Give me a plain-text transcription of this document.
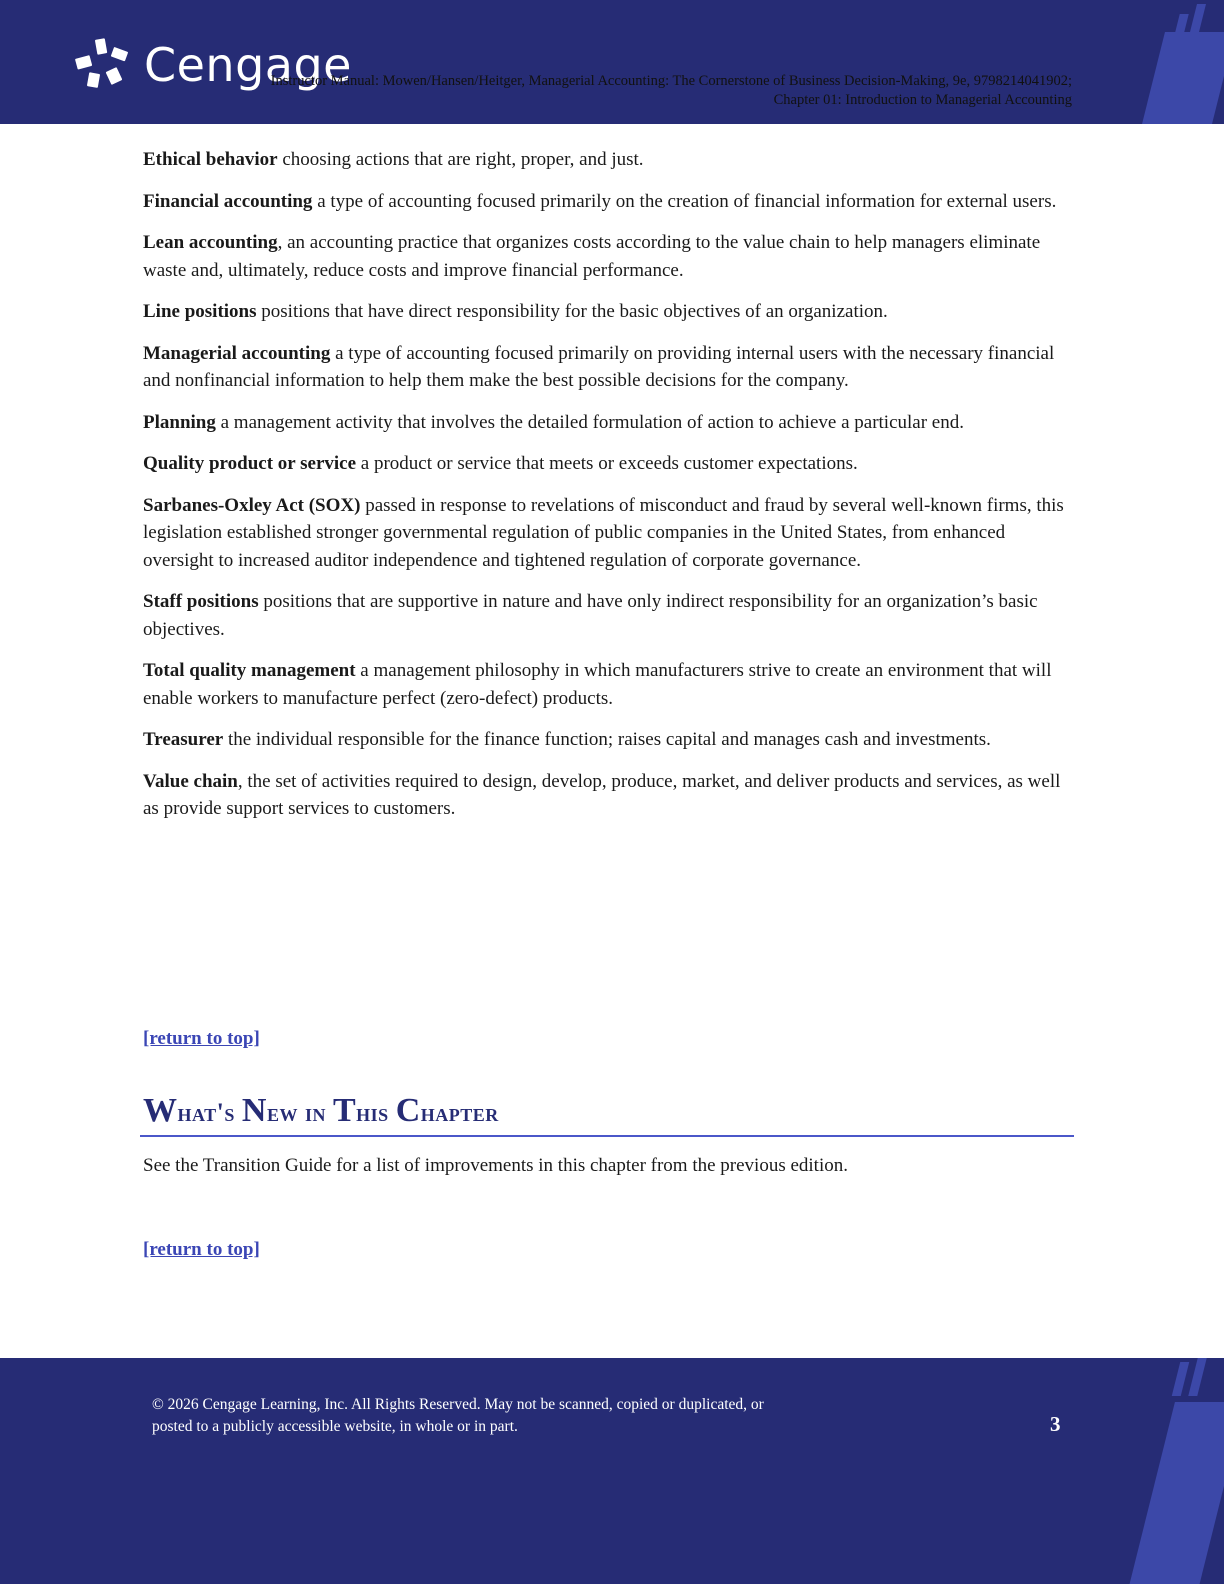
Cengage
Instructor Manual: Mowen/Hansen/Heitger, Managerial Accounting: The Cornerstone of Business Decision-Making, 9e, 9798214041902;
Chapter 01: Introduction to Managerial Accounting

Ethical behavior choosing actions that are right, proper, and just.

Financial accounting a type of accounting focused primarily on the creation of financial information for external users.

Lean accounting, an accounting practice that organizes costs according to the value chain to help managers eliminate waste and, ultimately, reduce costs and improve financial performance.

Line positions positions that have direct responsibility for the basic objectives of an organization.

Managerial accounting a type of accounting focused primarily on providing internal users with the necessary financial and nonfinancial information to help them make the best possible decisions for the company.

Planning a management activity that involves the detailed formulation of action to achieve a particular end.

Quality product or service a product or service that meets or exceeds customer expectations.

Sarbanes-Oxley Act (SOX) passed in response to revelations of misconduct and fraud by several well-known firms, this legislation established stronger governmental regulation of public companies in the United States, from enhanced oversight to increased auditor independence and tightened regulation of corporate governance.

Staff positions positions that are supportive in nature and have only indirect responsibility for an organization’s basic objectives.

Total quality management a management philosophy in which manufacturers strive to create an environment that will enable workers to manufacture perfect (zero-defect) products.

Treasurer the individual responsible for the finance function; raises capital and manages cash and investments.

Value chain, the set of activities required to design, develop, produce, market, and deliver products and services, as well as provide support services to customers.

[return to top]
What's New in This Chapter

See the Transition Guide for a list of improvements in this chapter from the previous edition.

[return to top]
© 2026 Cengage Learning, Inc. All Rights Reserved. May not be scanned, copied or duplicated, or
posted to a publicly accessible website, in whole or in part.	3
